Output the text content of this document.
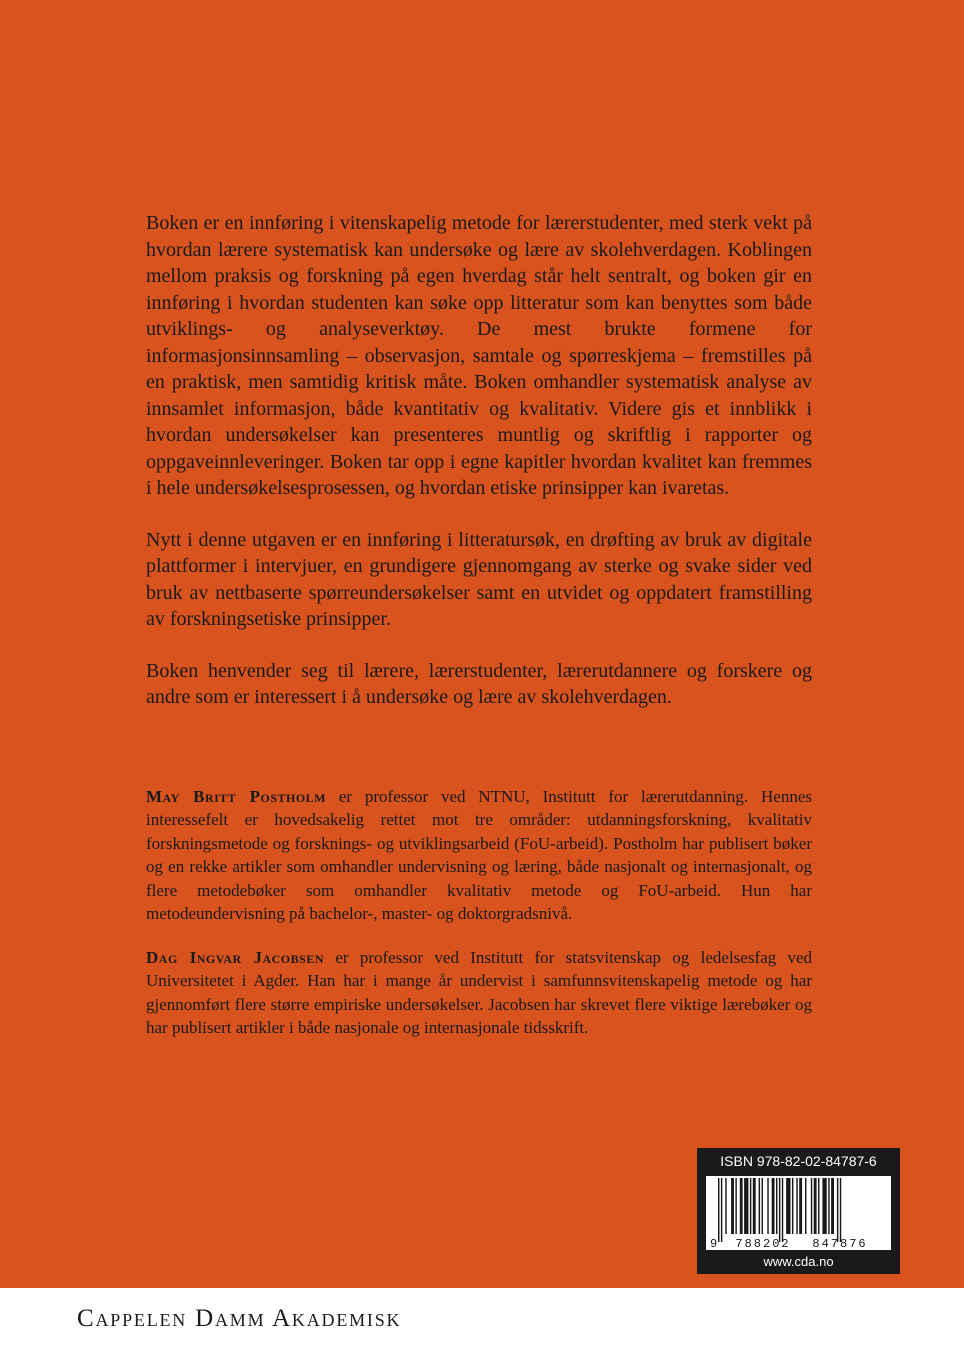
Boken er en innføring i vitenskapelig metode for lærerstudenter, med sterk vekt på hvordan lærere systematisk kan undersøke og lære av skolehverdagen. Koblingen mellom praksis og forskning på egen hverdag står helt sentralt, og boken gir en innføring i hvordan studenten kan søke opp litteratur som kan benyttes som både utviklings- og analyseverktøy. De mest brukte formene for informasjonsinnsamling – observasjon, samtale og spørreskjema – fremstilles på en praktisk, men samtidig kritisk måte. Boken omhandler systematisk analyse av innsamlet informasjon, både kvantitativ og kvalitativ. Videre gis et innblikk i hvordan undersøkelser kan presenteres muntlig og skriftlig i rapporter og oppgaveinnleveringer. Boken tar opp i egne kapitler hvordan kvalitet kan fremmes i hele undersøkelsesprosessen, og hvordan etiske prinsipper kan ivaretas.

Nytt i denne utgaven er en innføring i litteratursøk, en drøfting av bruk av digitale plattformer i intervjuer, en grundigere gjennomgang av sterke og svake sider ved bruk av nettbaserte spørreundersøkelser samt en utvidet og oppdatert framstilling av forskningsetiske prinsipper.

Boken henvender seg til lærere, lærerstudenter, lærerutdannere og forskere og andre som er interessert i å undersøke og lære av skolehverdagen.

May Britt Postholm er professor ved NTNU, Institutt for lærerutdanning. Hennes interessefelt er hovedsakelig rettet mot tre områder: utdanningsforskning, kvalitativ forskningsmetode og forsknings- og utviklingsarbeid (FoU-arbeid). Postholm har publisert bøker og en rekke artikler som omhandler undervisning og læring, både nasjonalt og internasjonalt, og flere metodebøker som omhandler kvalitativ metode og FoU-arbeid. Hun har metodeundervisning på bachelor-, master- og doktorgradsnivå.

Dag Ingvar Jacobsen er professor ved Institutt for statsvitenskap og ledelsesfag ved Universitetet i Agder. Han har i mange år undervist i samfunnsvitenskapelig metode og har gjennomført flere større empiriske undersøkelser. Jacobsen har skrevet flere viktige lærebøker og har publisert artikler i både nasjonale og internasjonale tidsskrift.

ISBN 978-82-02-84787-6
9 788202 847876
www.cda.no
Cappelen Damm Akademisk
